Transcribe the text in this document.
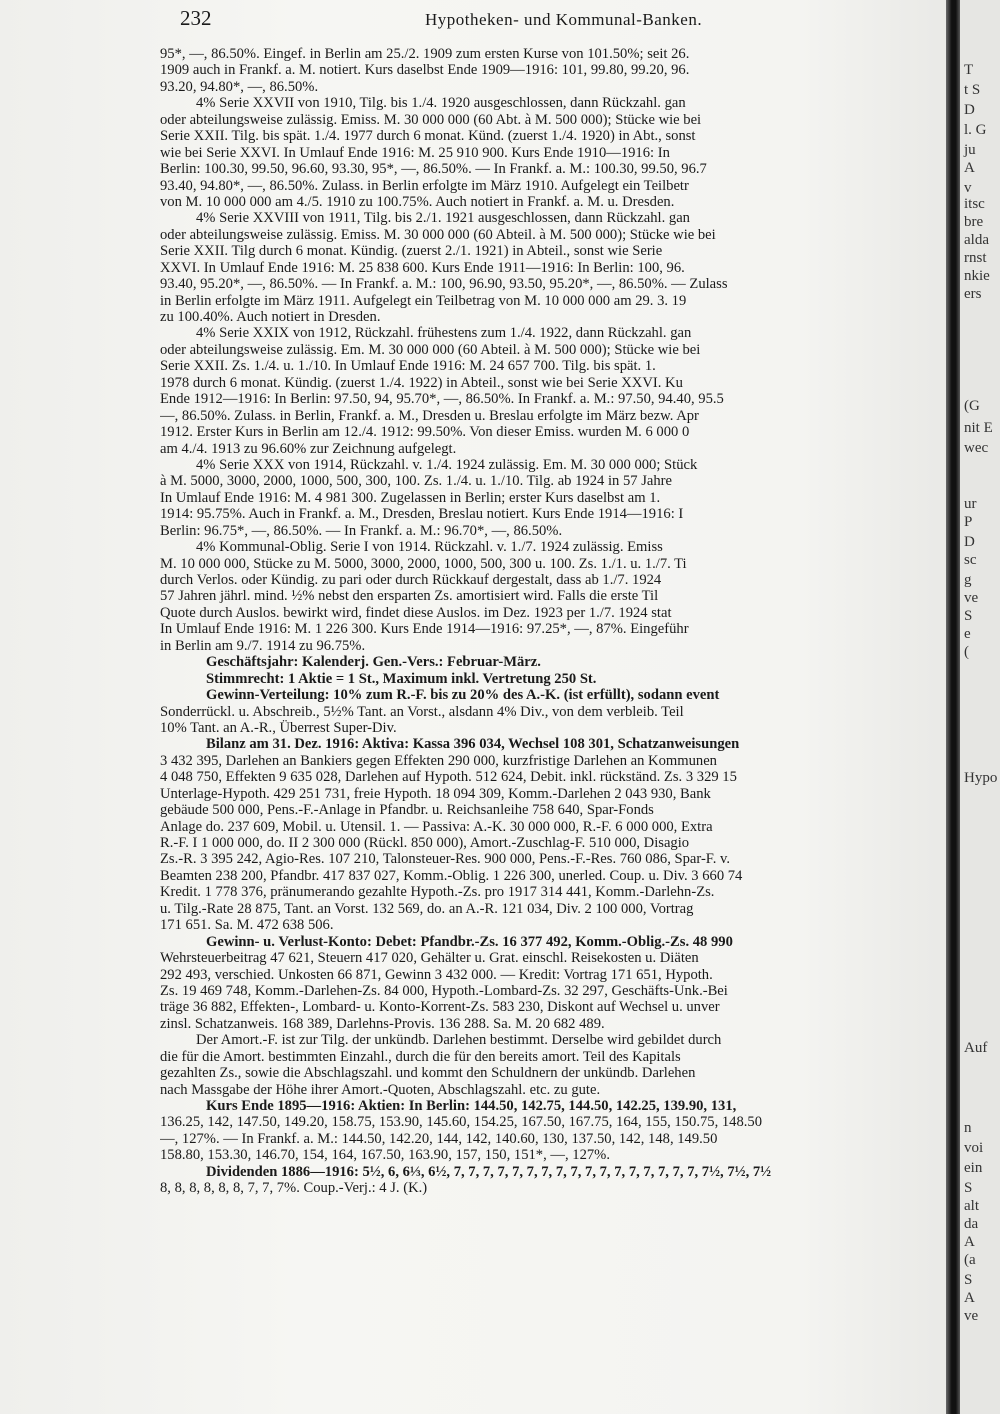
232	Hypotheken- und Kommunal-Banken.
95*, —, 86.50%. Eingef. in Berlin am 25./2. 1909 zum ersten Kurse von 101.50%; seit 26.
1909 auch in Frankf. a. M. notiert. Kurs daselbst Ende 1909—1916: 101, 99.80, 99.20, 96.
93.20, 94.80*, —, 86.50%.
4% Serie XXVII von 1910, Tilg. bis 1./4. 1920 ausgeschlossen, dann Rückzahl. gan
oder abteilungsweise zulässig. Emiss. M. 30 000 000 (60 Abt. à M. 500 000); Stücke wie bei
Serie XXII. Tilg. bis spät. 1./4. 1977 durch 6 monat. Künd. (zuerst 1./4. 1920) in Abt., sonst
wie bei Serie XXVI. In Umlauf Ende 1916: M. 25 910 900. Kurs Ende 1910—1916: In
Berlin: 100.30, 99.50, 96.60, 93.30, 95*, —, 86.50%. — In Frankf. a. M.: 100.30, 99.50, 96.7
93.40, 94.80*, —, 86.50%. Zulass. in Berlin erfolgte im März 1910. Aufgelegt ein Teilbetr
von M. 10 000 000 am 4./5. 1910 zu 100.75%. Auch notiert in Frankf. a. M. u. Dresden.
4% Serie XXVIII von 1911, Tilg. bis 2./1. 1921 ausgeschlossen, dann Rückzahl. gan
oder abteilungsweise zulässig. Emiss. M. 30 000 000 (60 Abteil. à M. 500 000); Stücke wie bei
Serie XXII. Tilg durch 6 monat. Kündig. (zuerst 2./1. 1921) in Abteil., sonst wie Serie
XXVI. In Umlauf Ende 1916: M. 25 838 600. Kurs Ende 1911—1916: In Berlin: 100, 96.
93.40, 95.20*, —, 86.50%. — In Frankf. a. M.: 100, 96.90, 93.50, 95.20*, —, 86.50%. — Zulass
in Berlin erfolgte im März 1911. Aufgelegt ein Teilbetrag von M. 10 000 000 am 29. 3. 19
zu 100.40%. Auch notiert in Dresden.
4% Serie XXIX von 1912, Rückzahl. frühestens zum 1./4. 1922, dann Rückzahl. gan
oder abteilungsweise zulässig. Em. M. 30 000 000 (60 Abteil. à M. 500 000); Stücke wie bei
Serie XXII. Zs. 1./4. u. 1./10. In Umlauf Ende 1916: M. 24 657 700. Tilg. bis spät. 1.
1978 durch 6 monat. Kündig. (zuerst 1./4. 1922) in Abteil., sonst wie bei Serie XXVI. Ku
Ende 1912—1916: In Berlin: 97.50, 94, 95.70*, —, 86.50%. In Frankf. a. M.: 97.50, 94.40, 95.5
—, 86.50%. Zulass. in Berlin, Frankf. a. M., Dresden u. Breslau erfolgte im März bezw. Apr
1912. Erster Kurs in Berlin am 12./4. 1912: 99.50%. Von dieser Emiss. wurden M. 6 000 0
am 4./4. 1913 zu 96.60% zur Zeichnung aufgelegt.
4% Serie XXX von 1914, Rückzahl. v. 1./4. 1924 zulässig. Em. M. 30 000 000; Stück
à M. 5000, 3000, 2000, 1000, 500, 300, 100. Zs. 1./4. u. 1./10. Tilg. ab 1924 in 57 Jahre
In Umlauf Ende 1916: M. 4 981 300. Zugelassen in Berlin; erster Kurs daselbst am 1.
1914: 95.75%. Auch in Frankf. a. M., Dresden, Breslau notiert. Kurs Ende 1914—1916: I
Berlin: 96.75*, —, 86.50%. — In Frankf. a. M.: 96.70*, —, 86.50%.
4% Kommunal-Oblig. Serie I von 1914. Rückzahl. v. 1./7. 1924 zulässig. Emiss
M. 10 000 000, Stücke zu M. 5000, 3000, 2000, 1000, 500, 300 u. 100. Zs. 1./1. u. 1./7. Ti
durch Verlos. oder Kündig. zu pari oder durch Rückkauf dergestalt, dass ab 1./7. 1924
57 Jahren jährl. mind. ½% nebst den ersparten Zs. amortisiert wird. Falls die erste Til
Quote durch Auslos. bewirkt wird, findet diese Auslos. im Dez. 1923 per 1./7. 1924 stat
In Umlauf Ende 1916: M. 1 226 300. Kurs Ende 1914—1916: 97.25*, —, 87%. Eingeführ
in Berlin am 9./7. 1914 zu 96.75%.
Geschäftsjahr: Kalenderj. Gen.-Vers.: Februar-März.
Stimmrecht: 1 Aktie = 1 St., Maximum inkl. Vertretung 250 St.
Gewinn-Verteilung: 10% zum R.-F. bis zu 20% des A.-K. (ist erfüllt), sodann event
Sonderrückl. u. Abschreib., 5½% Tant. an Vorst., alsdann 4% Div., von dem verbleib. Teil
10% Tant. an A.-R., Überrest Super-Div.
Bilanz am 31. Dez. 1916: Aktiva: Kassa 396 034, Wechsel 108 301, Schatzanweisungen
3 432 395, Darlehen an Bankiers gegen Effekten 290 000, kurzfristige Darlehen an Kommunen
4 048 750, Effekten 9 635 028, Darlehen auf Hypoth. 512 624, Debit. inkl. rückständ. Zs. 3 329 15
Unterlage-Hypoth. 429 251 731, freie Hypoth. 18 094 309, Komm.-Darlehen 2 043 930, Bank
gebäude 500 000, Pens.-F.-Anlage in Pfandbr. u. Reichsanleihe 758 640, Spar-Fonds
Anlage do. 237 609, Mobil. u. Utensil. 1. — Passiva: A.-K. 30 000 000, R.-F. 6 000 000, Extra
R.-F. I 1 000 000, do. II 2 300 000 (Rückl. 850 000), Amort.-Zuschlag-F. 510 000, Disagio
Zs.-R. 3 395 242, Agio-Res. 107 210, Talonsteuer-Res. 900 000, Pens.-F.-Res. 760 086, Spar-F. v.
Beamten 238 200, Pfandbr. 417 837 027, Komm.-Oblig. 1 226 300, unerled. Coup. u. Div. 3 660 74
Kredit. 1 778 376, pränumerando gezahlte Hypoth.-Zs. pro 1917 314 441, Komm.-Darlehn-Zs.
u. Tilg.-Rate 28 875, Tant. an Vorst. 132 569, do. an A.-R. 121 034, Div. 2 100 000, Vortrag
171 651. Sa. M. 472 638 506.
Gewinn- u. Verlust-Konto: Debet: Pfandbr.-Zs. 16 377 492, Komm.-Oblig.-Zs. 48 990
Wehrsteuerbeitrag 47 621, Steuern 417 020, Gehälter u. Grat. einschl. Reisekosten u. Diäten
292 493, verschied. Unkosten 66 871, Gewinn 3 432 000. — Kredit: Vortrag 171 651, Hypoth.
Zs. 19 469 748, Komm.-Darlehen-Zs. 84 000, Hypoth.-Lombard-Zs. 32 297, Geschäfts-Unk.-Bei
träge 36 882, Effekten-, Lombard- u. Konto-Korrent-Zs. 583 230, Diskont auf Wechsel u. unver
zinsl. Schatzanweis. 168 389, Darlehns-Provis. 136 288. Sa. M. 20 682 489.
Der Amort.-F. ist zur Tilg. der unkündb. Darlehen bestimmt. Derselbe wird gebildet durch
die für die Amort. bestimmten Einzahl., durch die für den bereits amort. Teil des Kapitals
gezahlten Zs., sowie die Abschlagszahl. und kommt den Schuldnern der unkündb. Darlehen
nach Massgabe der Höhe ihrer Amort.-Quoten, Abschlagszahl. etc. zu gute.
Kurs Ende 1895—1916: Aktien: In Berlin: 144.50, 142.75, 144.50, 142.25, 139.90, 131,
136.25, 142, 147.50, 149.20, 158.75, 153.90, 145.60, 154.25, 167.50, 167.75, 164, 155, 150.75, 148.50
—, 127%. — In Frankf. a. M.: 144.50, 142.20, 144, 142, 140.60, 130, 137.50, 142, 148, 149.50
158.80, 153.30, 146.70, 154, 164, 167.50, 163.90, 157, 150, 151*, —, 127%.
Dividenden 1886—1916: 5½, 6, 6⅓, 6½, 7, 7, 7, 7, 7, 7, 7, 7, 7, 7, 7, 7, 7, 7, 7, 7, 7, 7½, 7½, 7½
8, 8, 8, 8, 8, 8, 7, 7, 7%. Coup.-Verj.: 4 J. (K.)
T
t S
D
l. G
ju
A
v
itsc
bre
alda
rnst
nkie
ers
(G
nit E
wec
ur
P
D
sc
g
ve
S
e
(
Hypo
Auf
n
voi
ein
S
alt
da
A
(a
S
A
ve
